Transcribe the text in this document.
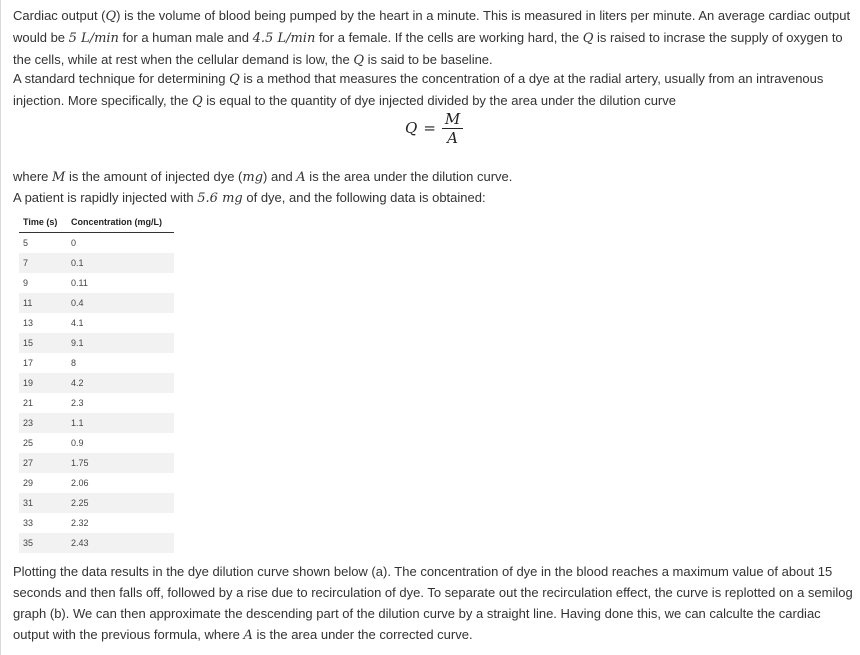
Cardiac output (Q) is the volume of blood being pumped by the heart in a minute. This is measured in liters per minute. An average cardiac output would be 5 L/min for a human male and 4.5 L/min for a female. If the cells are working hard, the Q is raised to incrase the supply of oxygen to the cells, while at rest when the cellular demand is low, the Q is said to be baseline.

A standard technique for determining Q is a method that measures the concentration of a dye at the radial artery, usually from an intravenous injection. More specifically, the Q is equal to the quantity of dye injected divided by the area under the dilution curve

$Q = \frac{M}{A}$

where M is the amount of injected dye (mg) and A is the area under the dilution curve.

A patient is rapidly injected with 5.6 mg of dye, and the following data is obtained:

Time (s)	Concentration (mg/L)
5	0
7	0.1
9	0.11
11	0.4
13	4.1
15	9.1
17	8
19	4.2
21	2.3
23	1.1
25	0.9
27	1.75
29	2.06
31	2.25
33	2.32
35	2.43

Plotting the data results in the dye dilution curve shown below (a). The concentration of dye in the blood reaches a maximum value of about 15 seconds and then falls off, followed by a rise due to recirculation of dye. To separate out the recirculation effect, the curve is replotted on a semilog graph (b). We can then approximate the descending part of the dilution curve by a straight line. Having done this, we can calculte the cardiac output with the previous formula, where A is the area under the corrected curve.
